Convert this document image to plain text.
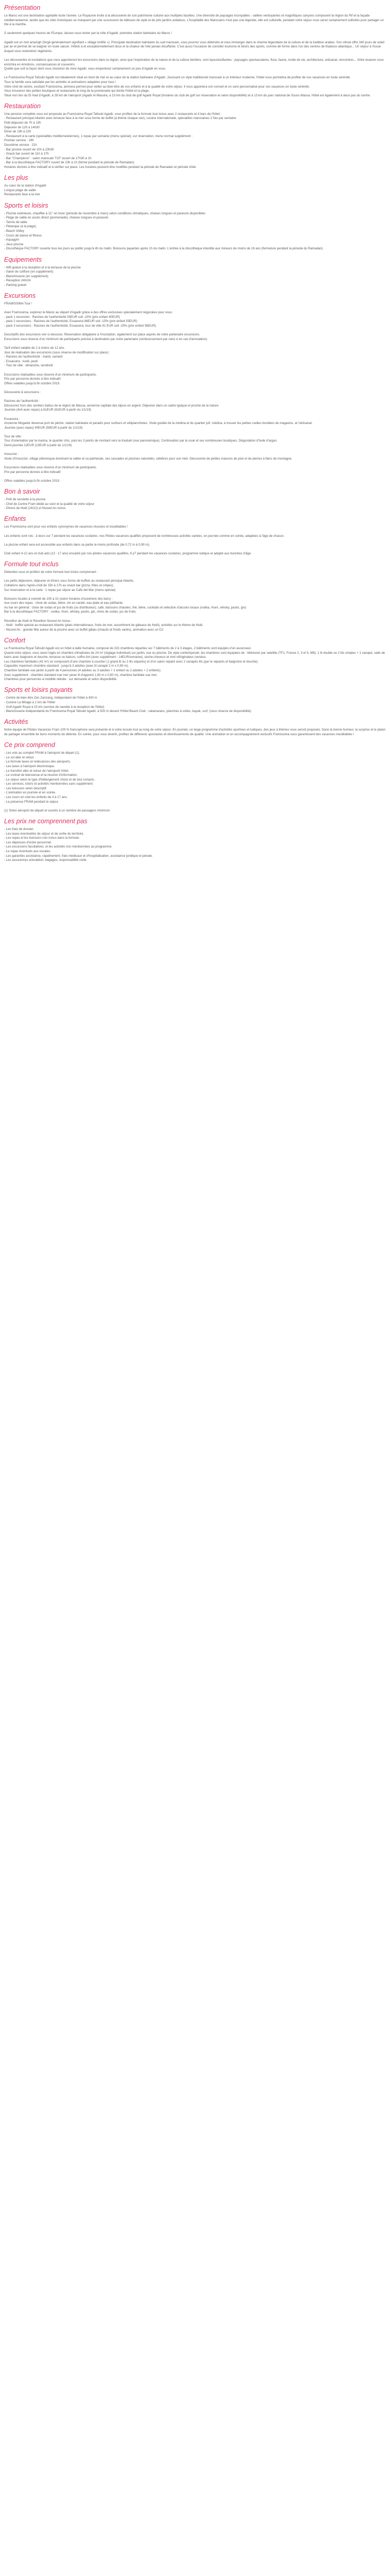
Présentation

Le Maroc est une destination agréable toute l'année. Le Royaume invite à la découverte de son patrimoine culturel aux multiples facettes. Une diversité de paysages incroyables : vallées verdoyantes et magnifiques canyons composent la région du Rif et la façade méditerranéenne, tandis que les cités historiques se marquent par une succession de bâtisses de style et de jolis jardins andalous. L'hospitalité des Marocains n'est pas une légende, elle est culturelle, pendant votre séjour vous serez certainement sollicités pour partager un thé à la menthe.

À seulement quelques heures de l'Europe, laissez-vous tenter par la côte d'Agadir, première station balnéaire du Maroc !

Agadir est un mot amazigh (forgé généralement signifiant « village fortifié »). Principale destination balnéaire du sud marocain, vous pourrez vous détendre et vous immerger dans le charme légendaire de la culture et de la tradition arabes. Son climat offre 340 jours de soleil par an et permet de se baigner en toute saison. Hôtels à et exceptionnellement doux et la chaleur de l'été jamais étouffante. C'est aussi l'occasion de concilier tourisme et loisirs des sports, comme de forme dans l'un des centres de thalasso atlantique... Un séjour à l'issue duquel vous reviendrez régénérés.

Les découvertes et excitations que vous apporteront les excursions dans la région, ainsi que l'exploration de la nature et de la culture berbère, sont époustouflantes : paysages spectaculaires, flora, faune, mode de vie, architecture, artisanat, rencontres... Votre évasion vous enrichira en émotions, connaissances et souvenirs.

Quelle que soit la façon dont vous choisirez de vivre Agadir, vous emporterez certainement un peu d'Agadir en vous.

Le Framissima Royal Tafoukt Agadir est idéalement situé en bord de mer et au cœur de la station balnéaire d'Agadir. Jouissant un style traditionnel marocain à un intérieur moderne, l'hôtel vous permettra de profiter de vos vacances en toute sérénité.

Tous la famille sera satisfaite par les activités et animations adaptées pour tous !

Votre chef de centre, excitant Framissima, animera permet pour veiller au bien-être de vos enfants et à la qualité de votre séjour. Il vous apportera son conseil et un suivi personnalisé pour vos vacances en toute sérénité.

Vous trouverez des petites boutiques et restaurants le long de la promenade qui borde l'hôtel et la plage.

Situé non loin du El Had d'Agadir, à 28 km de l'aéroport (Agadir Al Massira, à 15 km du club de golf Agadir Royal (horaires du club de golf sur réservation et selon disponibilité) et à 13 km du parc national de Souss Massa. Hôtel est également à deux pas du centre.

Restauration

Une pension complète vous est proposée au Framissima Royal Tafoukt Agadir, vous profitez de la formule tout inclus avec 2 restaurants et 4 bars de l'hôtel :

- Restaurant principal Atlantis avec terrasse face à la mer sous forme de buffet (à thème chaque soir), cuisine internationale, spécialités marocaines 2 fois par semaine

Petit déjeuner de 7h à 10h

Déjeuner de 12h à 14h30

Dîner de 19h à 22h

- Restaurant à la carte (spécialités méditerranéennes), 1 repas par semaine (menu spécial), sur réservation, menu normal supplément :

Premier service : 19h

Deuxième service : 21h

- Bar piscine ouvert de 10h à 23h30

- Snack bar ouvert de 11h à 17h

- Bar "Champions" : salon marocain TCF ouvert de 17h30 à 1h

- Bar à la discothèque FACTORY ouvert de 23h à 1h (fermé pendant le période de Ramadan)

Horaires donnés à titre indicatif et à vérifier sur place. Les horaires peuvent être modifiés pendant la période de Ramadan et période d'été.

Les plus

Au cœur de la station d'Agadir

Longue plage de sable

Restaurants face à la mer

Sports et loisirs

- Piscine extérieure, chauffée à 21° en hiver (période de novembre à mars) selon conditions climatiques, chaises longues et parasols disponibles

- Plage de sable en accès direct (promenade), chaises longues et parasols

- Tennis de table

- Pétanque (à la plage)

- Beach Volley

- Cours de danse et fitness

- Aquagym

- Jeux piscine

- Discothèque FACTORY ouverte tous les jours au public jusqu'à 4h du matin. Boissons payantes après 1h du matin. L'entrée à la discothèque interdite aux mineurs de moins de 18 ans (fermeture pendant la période du Ramadan)

Equipements

- Wifi gratuit à la réception et à la terrasse de la piscine

- Salon de coiffure (en supplément)

- Blanchisserie (en supplément)

- Réception 24h/24

- Parking gratuit

Excursions

FRAMISSIMA Tour !

Avec Framissima, explorez le Maroc au départ d'Agadir grâce à des offres exclusives spécialement négociées pour vous :

- pack 1 excursion : Racines de l'authenticité 55EUR soit -10% (prix enfant 40EUR)

- pack 2 excursions : Racines de l'authenticité, Essaouira 86EUR soit -15% (prix enfant 55EUR)

- pack 3 excursions : Racines de l'authenticité, Essaouira, tour de ville 91 EUR soit -20% (prix enfant 56EUR).

Descriptifs des excursions voir ci-dessous. Réservation obligatoire à l'inscription, également sur place auprès de notre partenaire excursions.

Excursions sous réserve d'un minimum de participants précisé à destination par notre partenaire (remboursement par celui ci en cas d'annulation).

Tarif enfant valable de 2 à moins de 12 ans.

Jour de réalisation des excursions (sous réserve de modification sur place) :

- Racines de l'authenticité : mardi, samedi

- Essaouira : lundi, jeudi

- Tour de ville : dimanche, vendredi

Excursions réalisables sous réserve d'un minimum de participants.

Prix par personne donnés à titre indicatif.

Offres valables jusqu'à fin octobre 2019.

Découverte & excursions :

Racines de l'authenticité :

Découvrez hors des sentiers battus de la région de Massa, ancienne capitale des bijoux en argent. Déjeuner dans un cadre typique et proche de la nature.

Journée (4x4 avec repas) à 61EUR (61EUR à partir du 1/1/19)

Essaouira :

Ancienne Mogador devenue port de pêche, station balnéaire et paradis pour surfeurs et véliplanchistes. Visite guidée de la médina et du quartier juif, médina, à trouver les petites ruelles bondées de magasins, et l'artisanat.

Journée (avec repas) 40EUR (59EUR à partir du 1/1/19)

Tour de ville :

Tour d'orientation par la marina, le quartier chic, puis les 3 points de montant vers la Kasbah (vue panoramique). Continuation par la souk et ses nombreuses boutiques. Dégustation d'huile d'argan.

Demi-journée 12EUR (13EUR à partir du 1/1/19)

Imouzzer :

Visite d'Imouzzer, village pittoresque dominant la vallée et sa palmeraie, ses cascades et piscines naturelles, célèbres pour son miel. Découverte de petites maisons de pisé et de pierres à flanc de montagne.

Excursions réalisables sous réserve d'un minimum de participants.

Prix par personne donnés à titre indicatif.

Offres valables jusqu'à fin octobre 2019

Bon à savoir

- Prêt de serviette à la piscine

- Chef de Centre Fram dédié au suivi et la qualité de votre séjour

- Dîners de Noël (24/12) et Nouvel An inclus.

Enfants

Les Framissima sont pour vos enfants synonymes de vacances réussies et inoubliables !

Les enfants sont rois : à leurs sur 7 pendant les vacances scolaires, nos Pilotes vacances qualifiés proposent de nombreuses activités variées, en journée comme en soirée, adaptées à l'âge de chacun.

La piscine enfant sera est accessible aux enfants dans sa partie la moins profonde (de 0,72 m à 0,90 m).

Club enfant 4-12 ans et club ado (13 - 17 ans) encadré par nos pilotes vacances qualifiés, 6 j/7 pendant les vacances scolaires, programme ludique et adapté aux tranches d'âge.

Formule tout inclus

Détendez-vous et profitez de votre formule tout inclus comprenant :

Les petits déjeuners, déjeuner et dîners sous forme de buffets au restaurant principal Atlantis.

Collations dans l'après-midi de 15h à 17h au snack bar (pizza, frites et crêpes).

Sur réservation et à la carte : 1 repas par séjour au Café del Mar (menu spécial)

Boissons locales à volonté de 10h à 1h (selon horaires d'ouverture des bars) :

Aux cours des repas : choix de sodas, bière, vin en carafe, eau plate et eau pétillante.

Au bar en général : choix de sodas et jus de fruits (ou distributeur), café, boissons chaudes, thé, bière, cocktails et sélection d'alcools locaux (vodka, rhum, whisky, pastis, gin)

Bar à la discothèque FACTORY : vodka, rhum, whisky, pastis, gin, choix de sodas, jus de fruits.

Réveillon de Noël et Réveillon Nouvel An inclus :

- Noël : buffet spécial au restaurant Atlantis (plats internationaux, fruits de mer, assortiment de gâteaux de Noël), activités sur le thème de Noël.

- Nouvel An : grande fête autour de la piscine avec un buffet gâlais (chauds et froids variés), animation avec un DJ.

Confort

Le Framissima Royal Tafoukt Agadir est un hôtel à taille humaine, composé de 315 chambres réparties sur 7 bâtiments de 2 à 3 étages, 2 bâtiments sont équipés d'un ascenseur.

Quand votre séjour, vous serez logés en chambre climatisées de 24 m² (réglage individuel) sur jardin, vue ou piscine. De style contemporain, les chambres sont équipées de : télévision par satellite (TF1, France 2, 3 et 5, M6), 1 lit double ou 2 lits simples + 1 canapé, salle de bains avec baignoire et douche, terrasse ou balcon, coffre-fort (avec supplément : 14EUR/semaine), sèche-cheveux et mini réfrigérateur (vendus.

Les chambres familiales (42 m²) se composent d'une chambre à coucher (1 grand lit ou 2 lits séparés) et d'un salon séparé avec 2 canapés lits (par le séparés et baignoire et douche).

Capacités maximum chambre standard : jusqu'à 3 adultes (avec lit canapé 2 m x 0,90 m).

Chambre familiale vue jardin à partir de 4 personnes (4 adultes ou 3 adultes + 1 enfant ou 2 adultes + 2 enfants).

Avec supplément : chambre standard vue mer (avec lit d'appoint 1,90 m x 0,80 m), chambre familiale vue mer.

Chambres pour personnes à mobilité réduite : sur demande et selon disponibilité.

Sports et loisirs payants

- Centre de bien-être Zen Zanzang, indépendant de l'hôtel à 400 m

- Cuisine La Mirage à 1 km de l'hôtel

- Golf Agadir Royal à 15 km (service de navette à la réception de l'hôtel)

- Blanchisserie indépendante du Framissima Royal Tafoukt Agadir, à 500 m devant l'Hôtel Beach Club : catamarans, planches à voiles, kayak, surf, (sous réserve de disponibilité).

Activités

Notre équipe de Pilotes Vacances Fram 100 % francophone sera présente et à votre écoute tout au long de votre séjour. En journée, un large programme d'activités sportives et ludiques, des jeux à thèmes vous seront proposés. Dans la bonne humeur, la surprise et le plaisir de partager ensemble de bons moments de détente. En soirée, pour vous divertir, profitez de différents spectacles et divertissements de qualité. Une animation et un accompagnement exclusifs Framissima vous garantissent des vacances inoubliables !

Ce prix comprend

- Les vols au complet FRAM à l'aéroport de départ (1).

- Le vol aller et retour.

- La formule taxes et redevances des aéroports.

- Les taxes à l'aéroport électronique.

- Le transfert aller et retour de l'aéroport/ hôtel.

- Le contrat de bienvenue et la réunion d'information.

- Le séjour selon le type d'hébergement choisi et de tout compris.

- Les services, loisirs et activités mentionnées sans supplément.

- Les boissons selon descriptif.

- L'animation en journée et en soirée.

- Les cours en club les enfants de 4 à 17 ans.

- La présence FRAM pendant le séjour.

(1) Selon aéroport de départ et soumis à un nombre de passagers minimum

Les prix ne comprennent pas

- Les frais de dossier.

- Les taxes éventuelles de séjour et de sortie du territoire.

- Les repas et les boissons non inclus dans la formule.

- Les dépenses d'ordre personnel.

- Les excursions facultatives, et les activités non mentionnées au programme.

- Le repas éventuels aux escales.

- Les garanties assistance, rapatriement, frais médicaux et d'hospitalisation, assistance juridique et pénale.

- Les assurances annulation, bagages, responsabilité civile.
